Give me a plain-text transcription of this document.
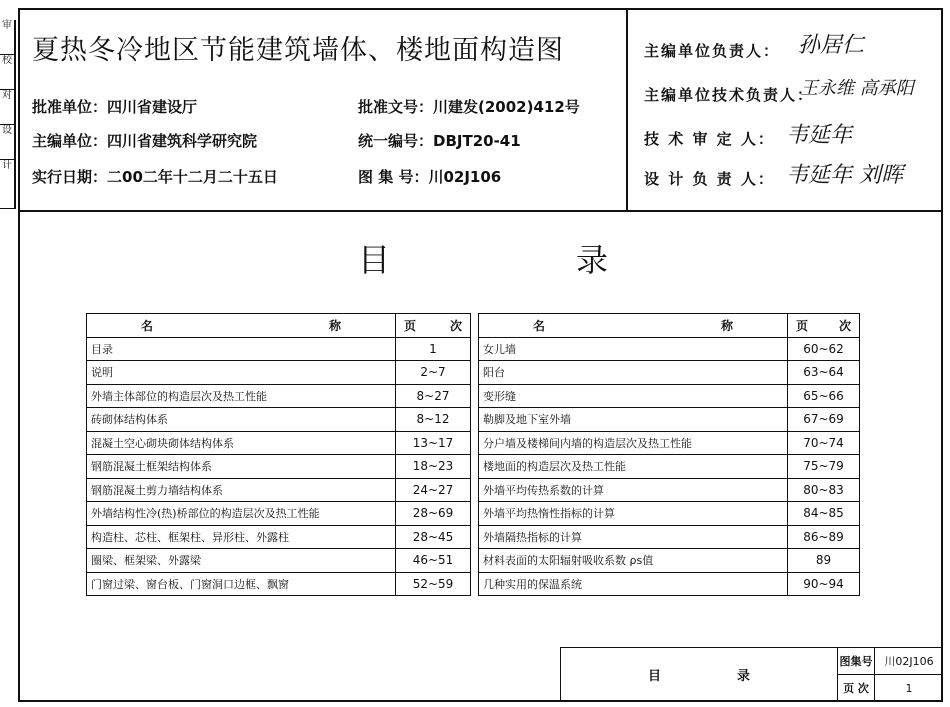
审
校
对
设
计
夏热冬冷地区节能建筑墙体、楼地面构造图
批准单位：四川省建设厅	批准文号：川建发(2002)412号
主编单位：四川省建筑科学研究院	统一编号：DBJT20-41
实行日期：二00二年十二月二十五日	图 集 号：川02J106
主编单位负责人： 孙居仁
主编单位技术负责人：
王永维 高承阳
技 术 审 定 人： 韦延年
设 计 负 责 人： 韦延年 刘晖
目	录
名 称	页 次

目录	1
说明	2~7
外墙主体部位的构造层次及热工性能	8~27
砖砌体结构体系	8~12
混凝土空心砌块砌体结构体系	13~17
钢筋混凝土框架结构体系	18~23
钢筋混凝土剪力墙结构体系	24~27
外墙结构性冷(热)桥部位的构造层次及热工性能	28~69
构造柱、芯柱、框架柱、异形柱、外露柱	28~45
圈梁、框架梁、外露梁	46~51
门窗过梁、窗台板、门窗洞口边框、飘窗	52~59
名 称	页 次

女儿墙	60~62
阳台	63~64
变形缝	65~66
勒脚及地下室外墙	67~69
分户墙及楼梯间内墙的构造层次及热工性能	70~74
楼地面的构造层次及热工性能	75~79
外墙平均传热系数的计算	80~83
外墙平均热惰性指标的计算	84~85
外墙隔热指标的计算	86~89
材料表面的太阳辐射吸收系数 ρs值	89
几种实用的保温系统	90~94
目	录
图集号	川02J106
页 次	1
